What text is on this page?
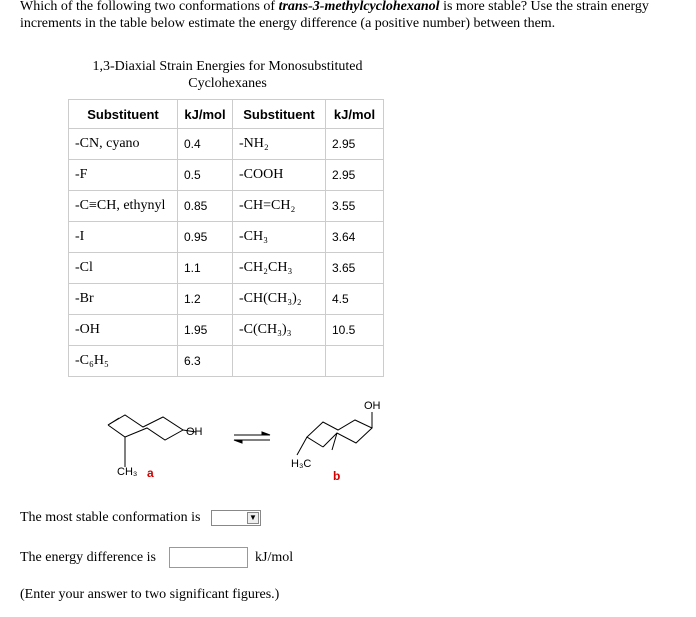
Which of the following two conformations of trans-3-methylcyclohexanol is more stable? Use the strain energy increments in the table below estimate the energy difference (a positive number) between them.
1,3-Diaxial Strain Energies for Monosubstituted Cyclohexanes
Substituent	kJ/mol	Substituent	kJ/mol
-CN, cyano	0.4	-NH₂	2.95
-F	0.5	-COOH	2.95
-C≡CH, ethynyl	0.85	-CH=CH₂	3.55
-I	0.95	-CH₃	3.64
-Cl	1.1	-CH₂CH₃	3.65
-Br	1.2	-CH(CH₃)₂	4.5
-OH	1.95	-C(CH₃)₃	10.5
-C₆H₅	6.3		
OH
CH₃ a
OH
H₃C
b
The most stable conformation is	▼
The energy difference is	kJ/mol
(Enter your answer to two significant figures.)
